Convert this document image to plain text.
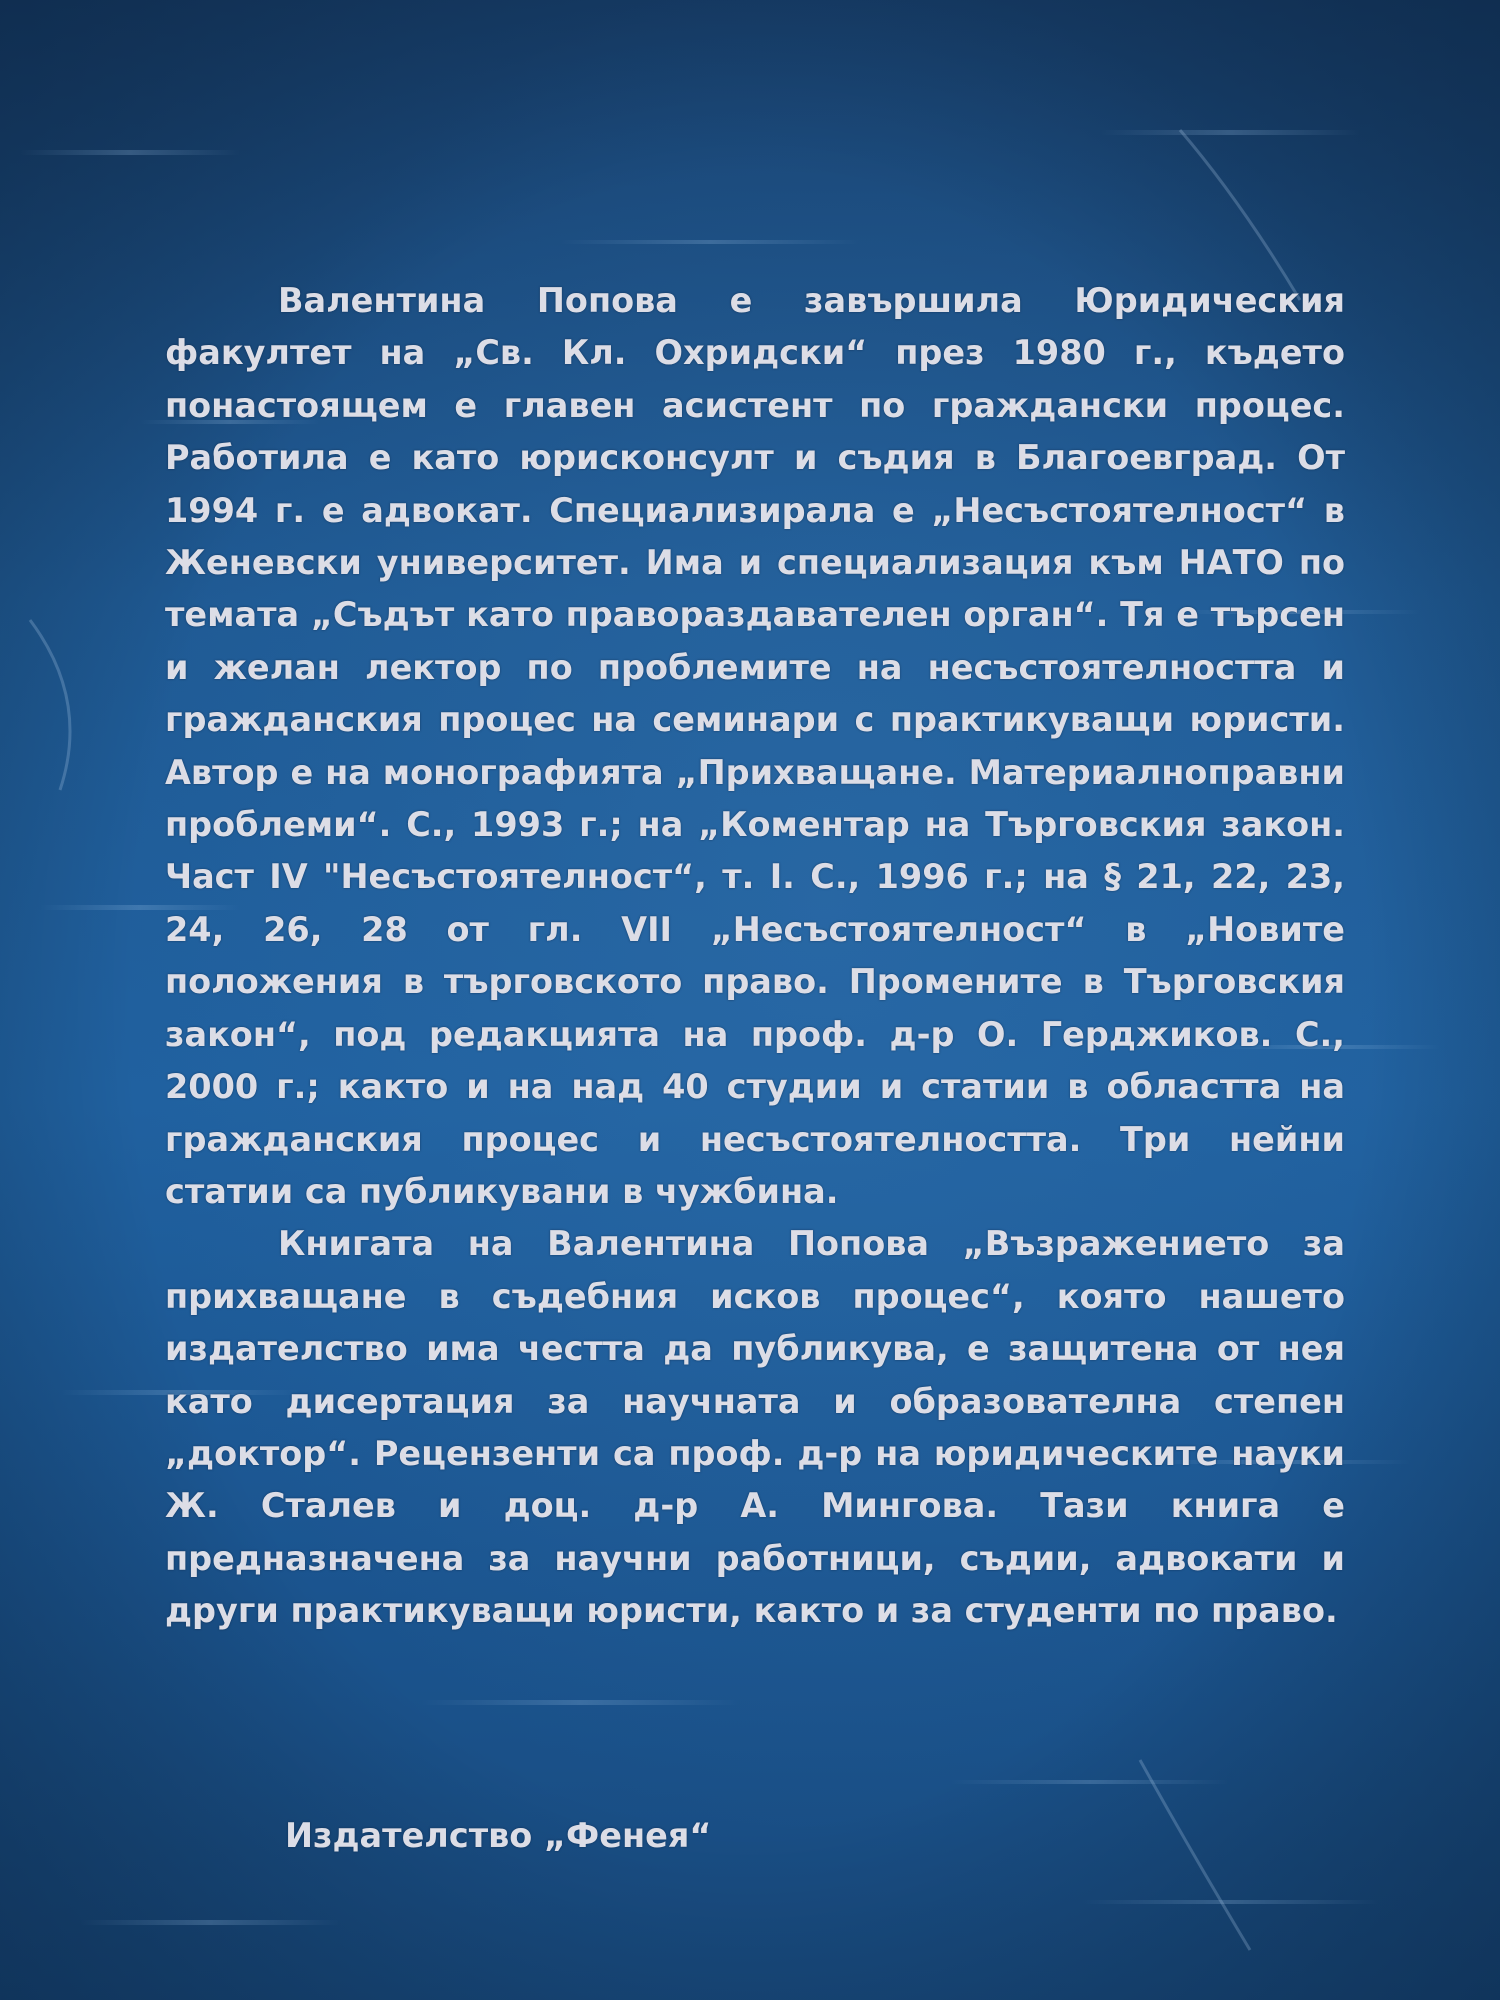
Валентина Попова е завършила Юридическия факултет на „Св. Кл. Охридски“ през 1980 г., където понастоящем е главен асистент по граждански процес. Работила е като юрисконсулт и съдия в Благоевград. От 1994 г. е адвокат. Специализирала е „Несъстоятелност“ в Женевски университет. Има и специализация към НАТО по темата „Съдът като правораздавателен орган“. Тя е търсен и желан лектор по проблемите на несъстоятелността и гражданския процес на семинари с практикуващи юристи. Автор е на монографията „Прихващане. Материалноправни проблеми“. С., 1993 г.; на „Коментар на Търговския закон. Част IV "Несъстоятелност“, т. I. С., 1996 г.; на § 21, 22, 23, 24, 26, 28 от гл. VII „Несъстоятелност“ в „Новите положения в търговското право. Промените в Търговския закон“, под редакцията на проф. д-р О. Герджиков. С., 2000 г.; както и на над 40 студии и статии в областта на гражданския процес и несъстоятелността. Три нейни статии са публикувани в чужбина.

Книгата на Валентина Попова „Възражението за прихващане в съдебния исков процес“, която нашето издателство има честта да публикува, е защитена от нея като дисертация за научната и образователна степен „доктор“. Рецензенти са проф. д-р на юридическите науки Ж. Сталев и доц. д-р А. Мингова. Тази книга е предназначена за научни работници, съдии, адвокати и други практикуващи юристи, както и за студенти по право.

Издателство „Фенея“
